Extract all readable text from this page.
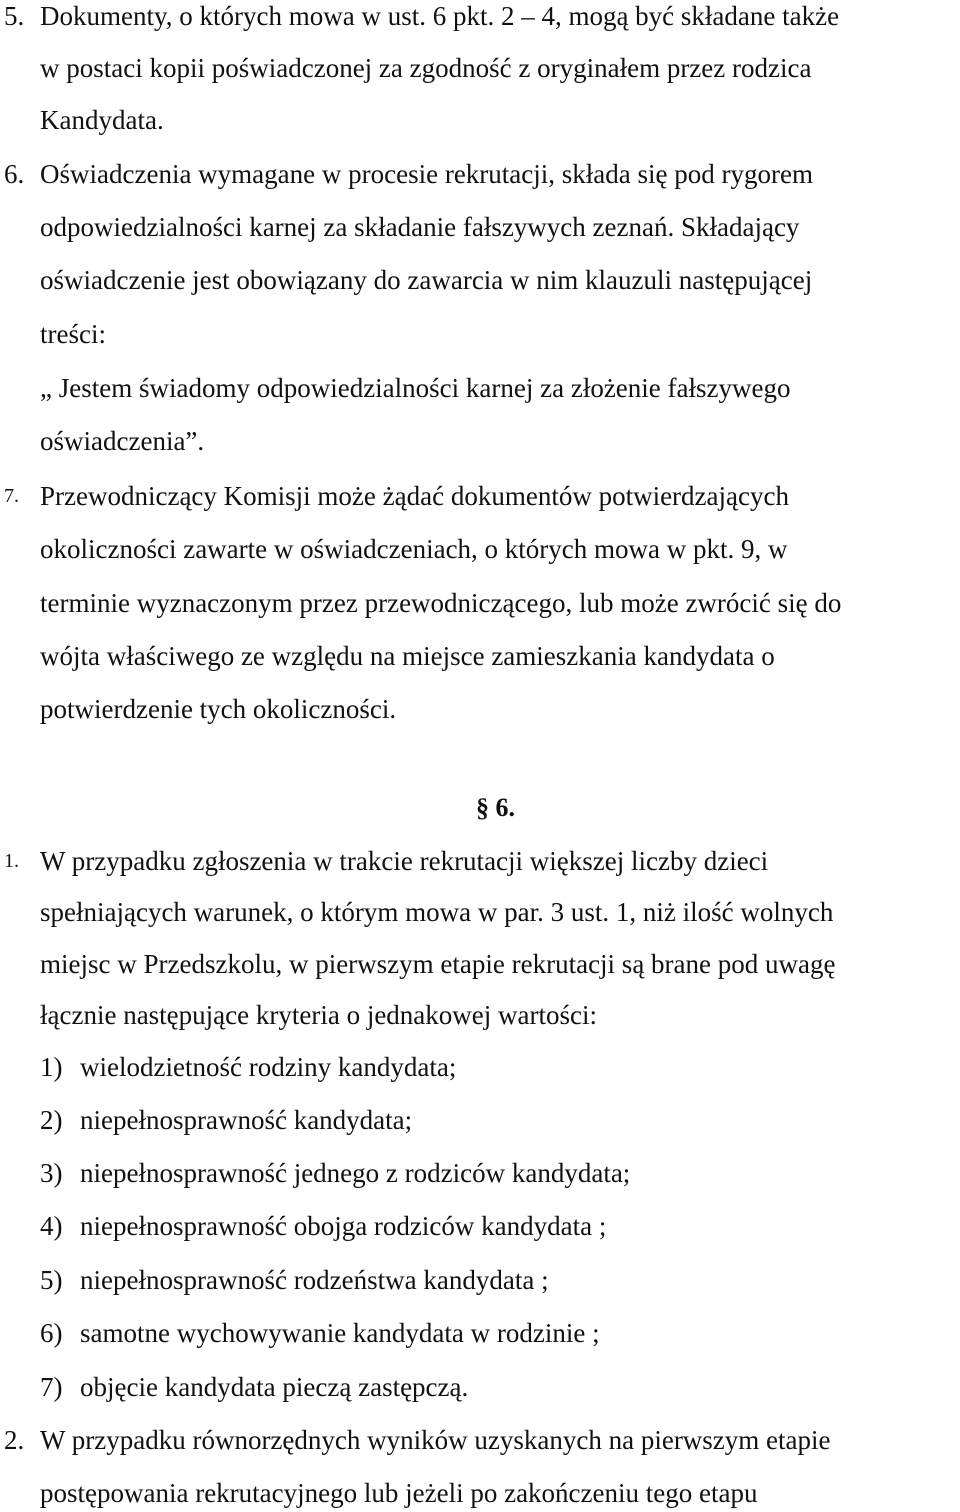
5. Dokumenty, o których mowa w ust. 6 pkt. 2 – 4, mogą być składane także
w postaci kopii poświadczonej za zgodność z oryginałem przez rodzica
Kandydata.
6. Oświadczenia wymagane w procesie rekrutacji, składa się pod rygorem
odpowiedzialności karnej za składanie fałszywych zeznań. Składający
oświadczenie jest obowiązany do zawarcia w nim klauzuli następującej
treści:
„ Jestem świadomy odpowiedzialności karnej za złożenie fałszywego
oświadczenia”.
7. Przewodniczący Komisji może żądać dokumentów potwierdzających
okoliczności zawarte w oświadczeniach, o których mowa w pkt. 9, w
terminie wyznaczonym przez przewodniczącego, lub może zwrócić się do
wójta właściwego ze względu na miejsce zamieszkania kandydata o
potwierdzenie tych okoliczności.
§ 6.
1. W przypadku zgłoszenia w trakcie rekrutacji większej liczby dzieci
spełniających warunek, o którym mowa w par. 3 ust. 1, niż ilość wolnych
miejsc w Przedszkolu, w pierwszym etapie rekrutacji są brane pod uwagę
łącznie następujące kryteria o jednakowej wartości:
1) wielodzietność rodziny kandydata;
2) niepełnosprawność kandydata;
3) niepełnosprawność jednego z rodziców kandydata;
4) niepełnosprawność obojga rodziców kandydata ;
5) niepełnosprawność rodzeństwa kandydata ;
6) samotne wychowywanie kandydata w rodzinie ;
7) objęcie kandydata pieczą zastępczą.
2. W przypadku równorzędnych wyników uzyskanych na pierwszym etapie
postępowania rekrutacyjnego lub jeżeli po zakończeniu tego etapu
